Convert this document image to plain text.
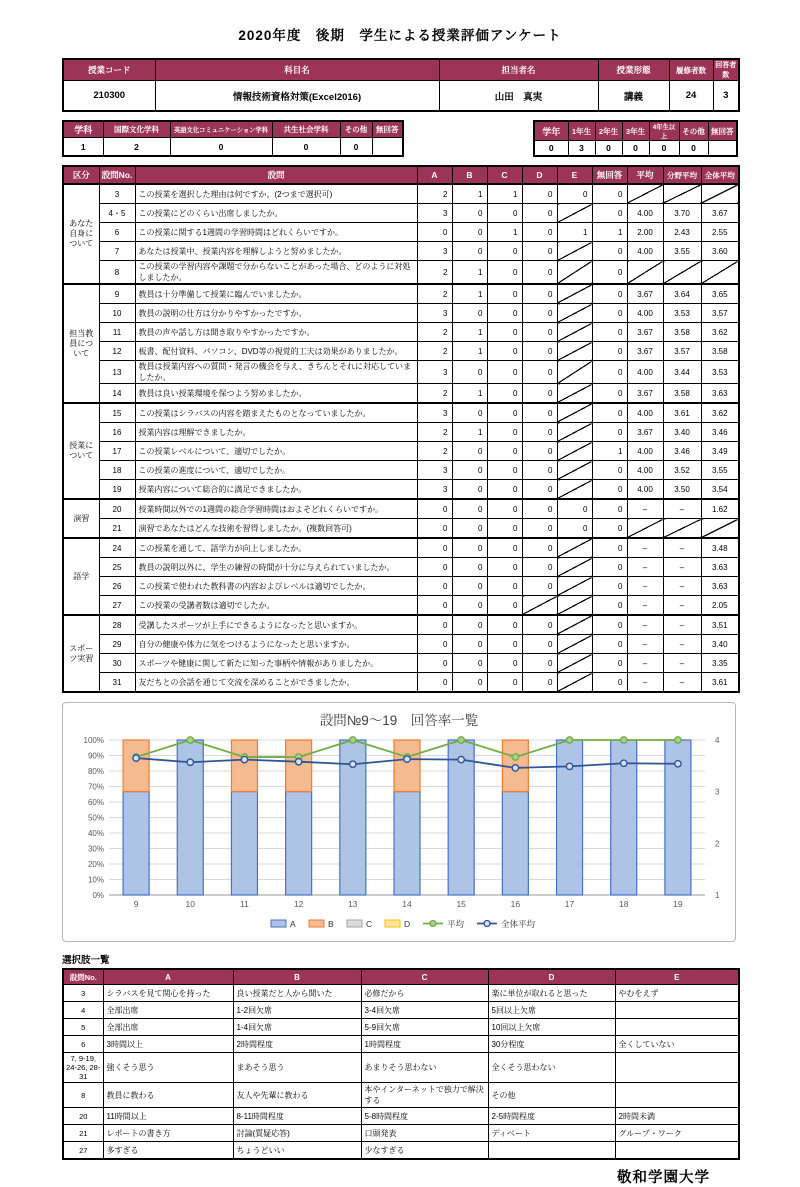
2020年度　後期　学生による授業評価アンケート
授業コード	科目名	担当者名	授業形態	履修者数	回答者数
210300	情報技術資格対策(Excel2016)	山田　真実	講義	24	3
学科	国際文化学科	英語文化コミュニケーション学科	共生社会学科	その他	無回答
1	2	0	0	0	
学年	1年生	2年生	3年生	4年生以上	その他	無回答
0	3	0	0	0	0	
区分	設問No.	設問	A	B	C	D	E	無回答	平均	分野平均	全体平均
あなた自身について	3	この授業を選択した理由は何ですか。(2つまで選択可)	2	1	1	0	0	0			
	4・5	この授業にどのくらい出席しましたか。	3	0	0	0		0	4.00	3.70	3.67
	6	この授業に関する1週間の学習時間はどれくらいですか。	0	0	1	0	1	1	2.00	2.43	2.55
	7	あなたは授業中、授業内容を理解しようと努めましたか。	3	0	0	0		0	4.00	3.55	3.60
	8	この授業の学習内容や課題で分からないことがあった場合、どのように対処しましたか。	2	1	0	0		0			
担当教員について	9	教員は十分準備して授業に臨んでいましたか。	2	1	0	0		0	3.67	3.64	3.65
	10	教員の説明の仕方は分かりやすかったですか。	3	0	0	0		0	4.00	3.53	3.57
	11	教員の声や話し方は聞き取りやすかったですか。	2	1	0	0		0	3.67	3.58	3.62
	12	板書、配付資料、パソコン、DVD等の視覚的工夫は効果がありましたか。	2	1	0	0		0	3.67	3.57	3.58
	13	教員は授業内容への質問・発言の機会を与え、きちんとそれに対応していましたか。	3	0	0	0		0	4.00	3.44	3.53
	14	教員は良い授業環境を保つよう努めましたか。	2	1	0	0		0	3.67	3.58	3.63
授業について	15	この授業はシラバスの内容を踏まえたものとなっていましたか。	3	0	0	0		0	4.00	3.61	3.62
	16	授業内容は理解できましたか。	2	1	0	0		0	3.67	3.40	3.46
	17	この授業レベルについて、適切でしたか。	2	0	0	0		1	4.00	3.46	3.49
	18	この授業の進度について、適切でしたか。	3	0	0	0		0	4.00	3.52	3.55
	19	授業内容について総合的に満足できましたか。	3	0	0	0		0	4.00	3.50	3.54
演習	20	授業時間以外での1週間の総合学習時間はおよそどれくらいですか。	0	0	0	0	0	0	–	–	1.62
	21	演習であなたはどんな技術を習得しましたか。(複数回答可)	0	0	0	0	0	0			
語学	24	この授業を通して、語学力が向上しましたか。	0	0	0	0		0	–	–	3.48
	25	教員の説明以外に、学生の練習の時間が十分に与えられていましたか。	0	0	0	0		0	–	–	3.63
	26	この授業で使われた教科書の内容およびレベルは適切でしたか。	0	0	0	0		0	–	–	3.63
	27	この授業の受講者数は適切でしたか。	0	0	0			0	–	–	2.05
スポーツ実習	28	受講したスポーツが上手にできるようになったと思いますか。	0	0	0	0		0	–	–	3.51
	29	自分の健康や体力に気をつけるようになったと思いますか。	0	0	0	0		0	–	–	3.40
	30	スポーツや健康に関して新たに知った事柄や情報がありましたか。	0	0	0	0		0	–	–	3.35
	31	友だちとの会話を通じて交流を深めることができましたか。	0	0	0	0		0	–	–	3.61
設問№9〜19　回答率一覧
0%
10%
20%
30%
40%
50%
60%
70%
80%
90%
100%
1
2
3
4
9	10	11	12	13	14	15	16	17	18	19
A	B	C	D	平均	全体平均
選択肢一覧
設問No.	A	B	C	D	E
3	シラバスを見て関心を持った	良い授業だと人から聞いた	必修だから	楽に単位が取れると思った	やむをえず
4	全部出席	1-2回欠席	3-4回欠席	5回以上欠席	
5	全部出席	1-4回欠席	5-9回欠席	10回以上欠席	
6	3時間以上	2時間程度	1時間程度	30分程度	全くしていない
7, 9-19, 24-26, 28-31	強くそう思う	まあそう思う	あまりそう思わない	全くそう思わない	
8	教員に教わる	友人や先輩に教わる	本やインターネットで独力で解決する	その他	
20	11時間以上	8-11時間程度	5-8時間程度	2-5時間程度	2時間未満
21	レポートの書き方	討論(質疑応答)	口頭発表	ディベート	グループ・ワーク
27	多すぎる	ちょうどいい	少なすぎる		
敬和学園大学
